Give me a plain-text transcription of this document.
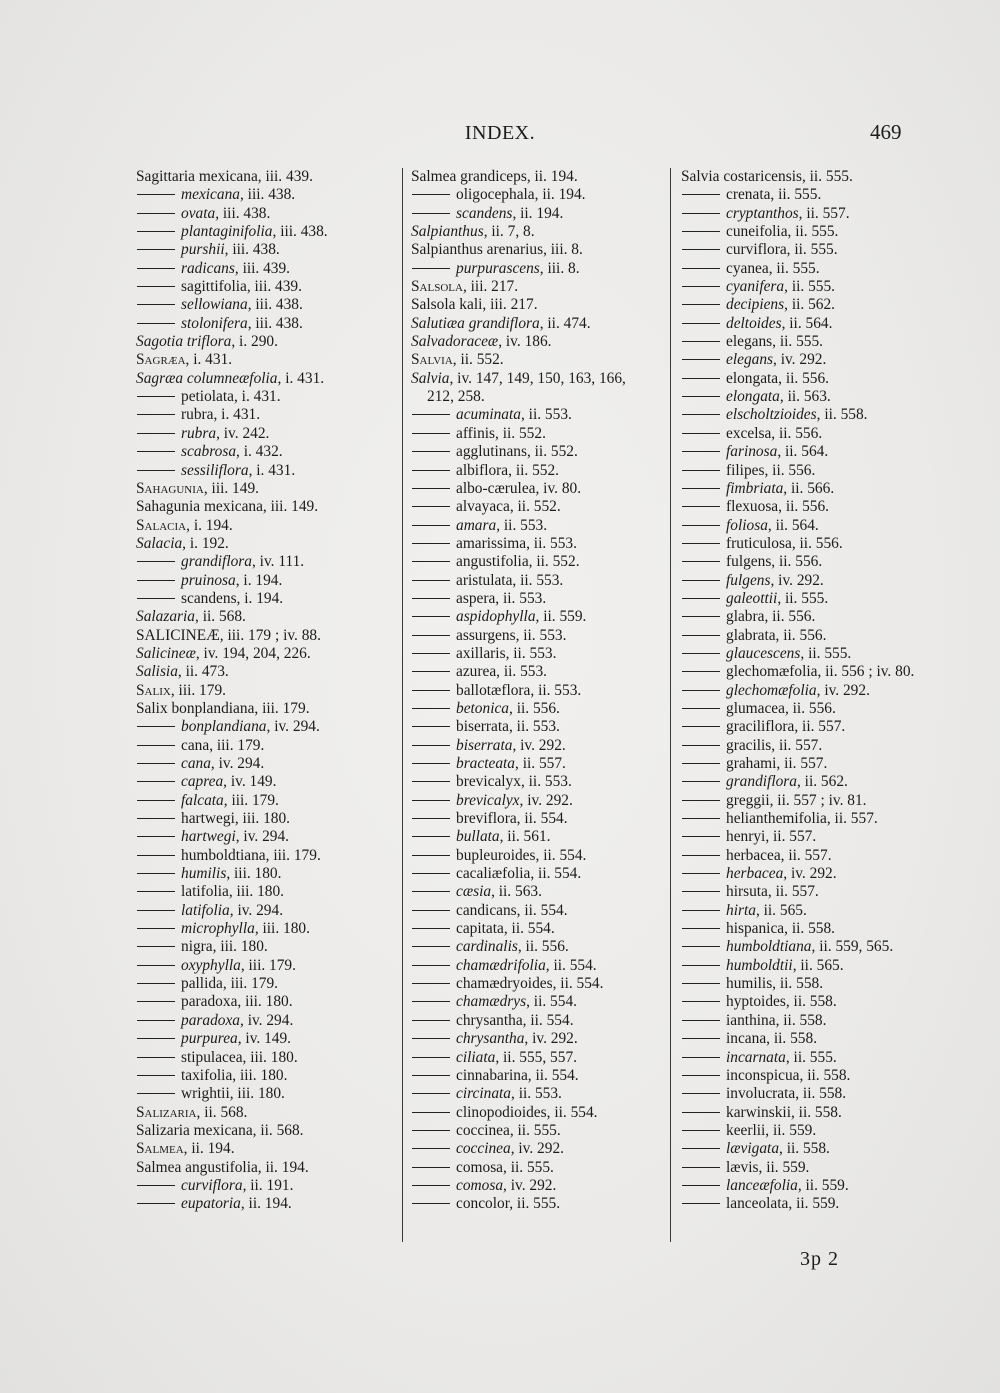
INDEX.	469
Sagittaria mexicana, iii. 439.
mexicana, iii. 438.
ovata, iii. 438.
plantaginifolia, iii. 438.
purshii, iii. 438.
radicans, iii. 439.
sagittifolia, iii. 439.
sellowiana, iii. 438.
stolonifera, iii. 438.
Sagotia triflora, i. 290.
Sagræa, i. 431.
Sagræa columneæfolia, i. 431.
petiolata, i. 431.
rubra, i. 431.
rubra, iv. 242.
scabrosa, i. 432.
sessiliflora, i. 431.
Sahagunia, iii. 149.
Sahagunia mexicana, iii. 149.
Salacia, i. 194.
Salacia, i. 192.
grandiflora, iv. 111.
pruinosa, i. 194.
scandens, i. 194.
Salazaria, ii. 568.
SALICINEÆ, iii. 179 ; iv. 88.
Salicineæ, iv. 194, 204, 226.
Salisia, ii. 473.
Salix, iii. 179.
Salix bonplandiana, iii. 179.
bonplandiana, iv. 294.
cana, iii. 179.
cana, iv. 294.
caprea, iv. 149.
falcata, iii. 179.
hartwegi, iii. 180.
hartwegi, iv. 294.
humboldtiana, iii. 179.
humilis, iii. 180.
latifolia, iii. 180.
latifolia, iv. 294.
microphylla, iii. 180.
nigra, iii. 180.
oxyphylla, iii. 179.
pallida, iii. 179.
paradoxa, iii. 180.
paradoxa, iv. 294.
purpurea, iv. 149.
stipulacea, iii. 180.
taxifolia, iii. 180.
wrightii, iii. 180.
Salizaria, ii. 568.
Salizaria mexicana, ii. 568.
Salmea, ii. 194.
Salmea angustifolia, ii. 194.
curviflora, ii. 191.
eupatoria, ii. 194.
Salmea grandiceps, ii. 194.
oligocephala, ii. 194.
scandens, ii. 194.
Salpianthus, ii. 7, 8.
Salpianthus arenarius, iii. 8.
purpurascens, iii. 8.
Salsola, iii. 217.
Salsola kali, iii. 217.
Salutiæa grandiflora, ii. 474.
Salvadoraceæ, iv. 186.
Salvia, ii. 552.
Salvia, iv. 147, 149, 150, 163, 166,
212, 258.
acuminata, ii. 553.
affinis, ii. 552.
agglutinans, ii. 552.
albiflora, ii. 552.
albo-cærulea, iv. 80.
alvayaca, ii. 552.
amara, ii. 553.
amarissima, ii. 553.
angustifolia, ii. 552.
aristulata, ii. 553.
aspera, ii. 553.
aspidophylla, ii. 559.
assurgens, ii. 553.
axillaris, ii. 553.
azurea, ii. 553.
ballotæflora, ii. 553.
betonica, ii. 556.
biserrata, ii. 553.
biserrata, iv. 292.
bracteata, ii. 557.
brevicalyx, ii. 553.
brevicalyx, iv. 292.
breviflora, ii. 554.
bullata, ii. 561.
bupleuroides, ii. 554.
cacaliæfolia, ii. 554.
cæsia, ii. 563.
candicans, ii. 554.
capitata, ii. 554.
cardinalis, ii. 556.
chamædrifolia, ii. 554.
chamædryoides, ii. 554.
chamædrys, ii. 554.
chrysantha, ii. 554.
chrysantha, iv. 292.
ciliata, ii. 555, 557.
cinnabarina, ii. 554.
circinata, ii. 553.
clinopodioides, ii. 554.
coccinea, ii. 555.
coccinea, iv. 292.
comosa, ii. 555.
comosa, iv. 292.
concolor, ii. 555.
Salvia costaricensis, ii. 555.
crenata, ii. 555.
cryptanthos, ii. 557.
cuneifolia, ii. 555.
curviflora, ii. 555.
cyanea, ii. 555.
cyanifera, ii. 555.
decipiens, ii. 562.
deltoides, ii. 564.
elegans, ii. 555.
elegans, iv. 292.
elongata, ii. 556.
elongata, ii. 563.
elscholtzioides, ii. 558.
excelsa, ii. 556.
farinosa, ii. 564.
filipes, ii. 556.
fimbriata, ii. 566.
flexuosa, ii. 556.
foliosa, ii. 564.
fruticulosa, ii. 556.
fulgens, ii. 556.
fulgens, iv. 292.
galeottii, ii. 555.
glabra, ii. 556.
glabrata, ii. 556.
glaucescens, ii. 555.
glechomæfolia, ii. 556 ; iv. 80.
glechomæfolia, iv. 292.
glumacea, ii. 556.
graciliflora, ii. 557.
gracilis, ii. 557.
grahami, ii. 557.
grandiflora, ii. 562.
greggii, ii. 557 ; iv. 81.
helianthemifolia, ii. 557.
henryi, ii. 557.
herbacea, ii. 557.
herbacea, iv. 292.
hirsuta, ii. 557.
hirta, ii. 565.
hispanica, ii. 558.
humboldtiana, ii. 559, 565.
humboldtii, ii. 565.
humilis, ii. 558.
hyptoides, ii. 558.
ianthina, ii. 558.
incana, ii. 558.
incarnata, ii. 555.
inconspicua, ii. 558.
involucrata, ii. 558.
karwinskii, ii. 558.
keerlii, ii. 559.
lævigata, ii. 558.
lævis, ii. 559.
lanceæfolia, ii. 559.
lanceolata, ii. 559.
3p 2
